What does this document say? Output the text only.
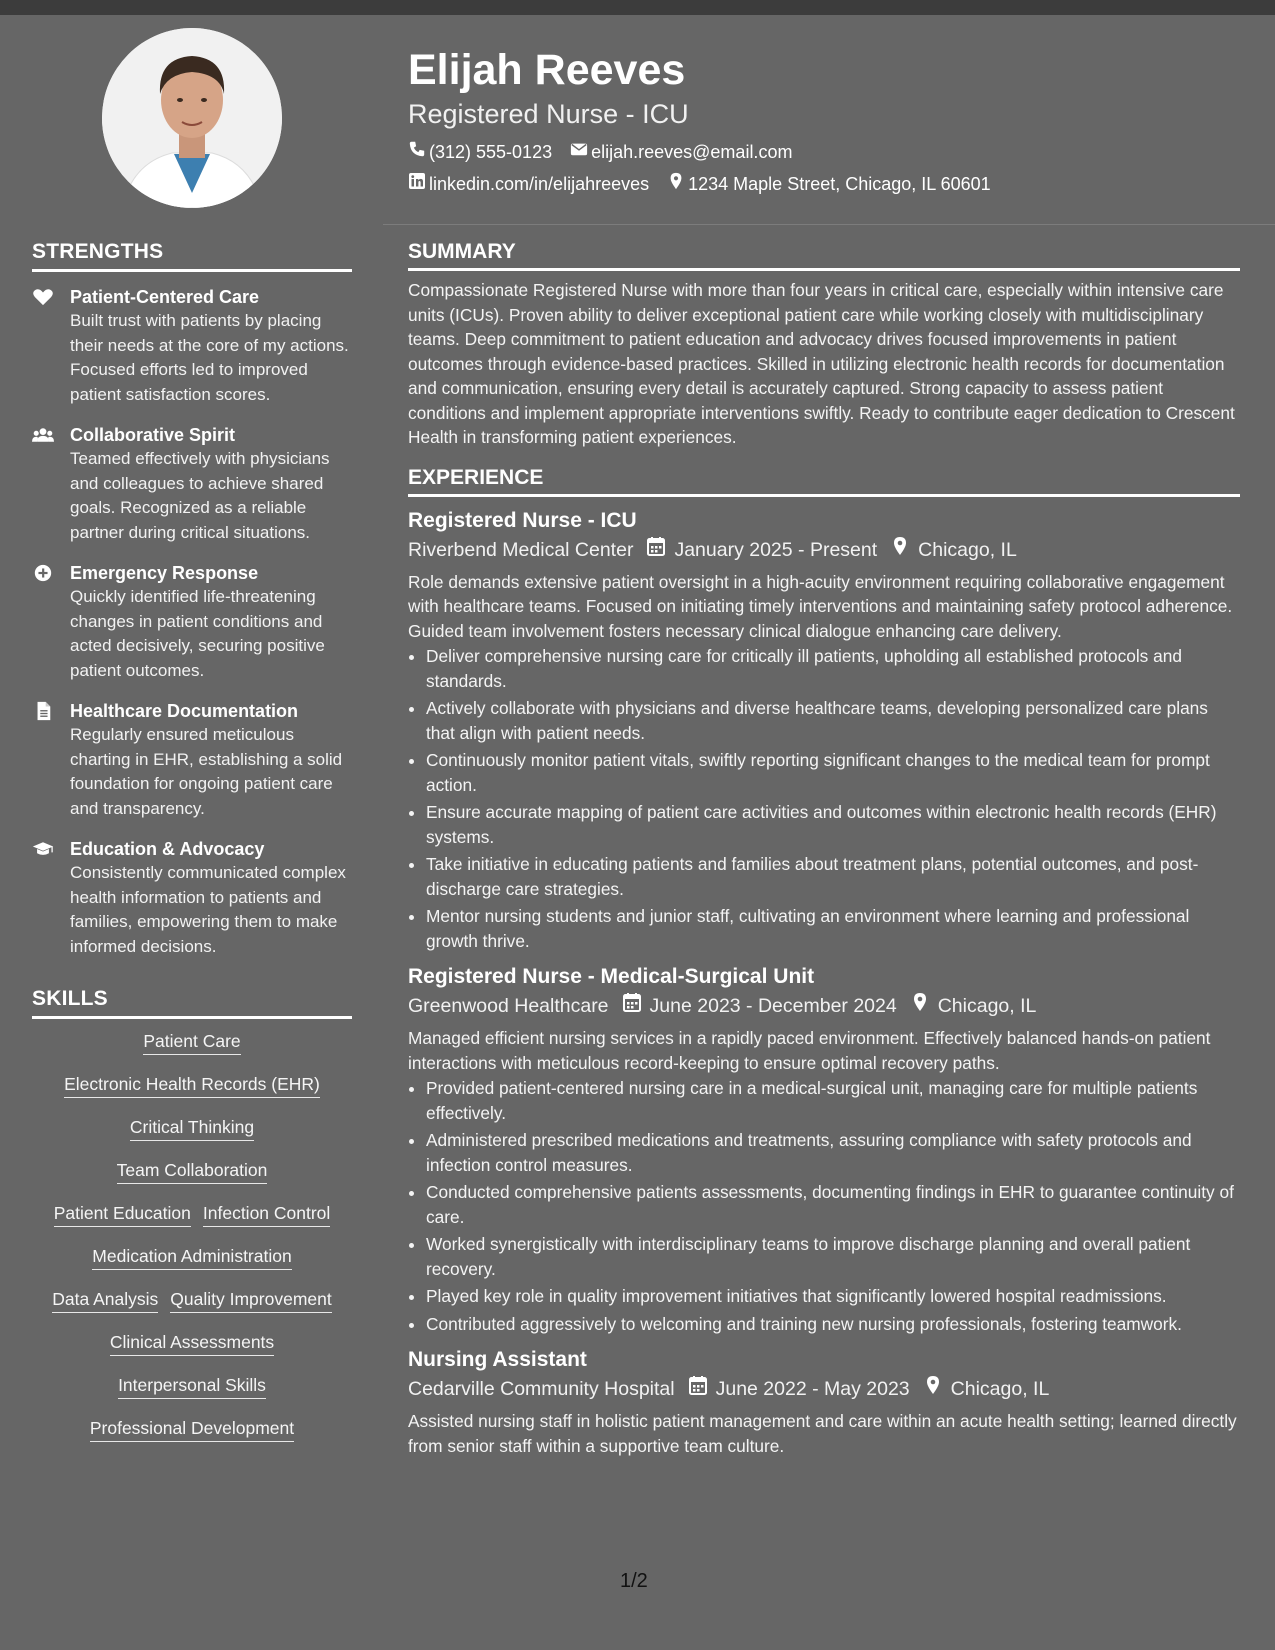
STRENGTHS
Patient-Centered Care
Built trust with patients by placing their needs at the core of my actions. Focused efforts led to improved patient satisfaction scores.
Collaborative Spirit
Teamed effectively with physicians and colleagues to achieve shared goals. Recognized as a reliable partner during critical situations.
Emergency Response
Quickly identified life-threatening changes in patient conditions and acted decisively, securing positive patient outcomes.
Healthcare Documentation
Regularly ensured meticulous charting in EHR, establishing a solid foundation for ongoing patient care and transparency.
Education & Advocacy
Consistently communicated complex health information to patients and families, empowering them to make informed decisions.
SKILLS
Patient Care
Electronic Health Records (EHR)
Critical Thinking
Team Collaboration
Patient Education Infection Control
Medication Administration
Data Analysis Quality Improvement
Clinical Assessments
Interpersonal Skills
Professional Development
Elijah Reeves
Registered Nurse - ICU
(312) 555-0123 elijah.reeves@email.com
linkedin.com/in/elijahreeves 1234 Maple Street, Chicago, IL 60601
SUMMARY

Compassionate Registered Nurse with more than four years in critical care, especially within intensive care units (ICUs). Proven ability to deliver exceptional patient care while working closely with multidisciplinary teams. Deep commitment to patient education and advocacy drives focused improvements in patient outcomes through evidence-based practices. Skilled in utilizing electronic health records for documentation and communication, ensuring every detail is accurately captured. Strong capacity to assess patient conditions and implement appropriate interventions swiftly. Ready to contribute eager dedication to Crescent Health in transforming patient experiences.

EXPERIENCE
Registered Nurse - ICU
Riverbend Medical Center January 2025 - Present Chicago, IL
Role demands extensive patient oversight in a high-acuity environment requiring collaborative engagement with healthcare teams. Focused on initiating timely interventions and maintaining safety protocol adherence. Guided team involvement fosters necessary clinical dialogue enhancing care delivery.
• Deliver comprehensive nursing care for critically ill patients, upholding all established protocols and standards.
• Actively collaborate with physicians and diverse healthcare teams, developing personalized care plans that align with patient needs.
• Continuously monitor patient vitals, swiftly reporting significant changes to the medical team for prompt action.
• Ensure accurate mapping of patient care activities and outcomes within electronic health records (EHR) systems.
• Take initiative in educating patients and families about treatment plans, potential outcomes, and post-discharge care strategies.
• Mentor nursing students and junior staff, cultivating an environment where learning and professional growth thrive.
Registered Nurse - Medical-Surgical Unit
Greenwood Healthcare June 2023 - December 2024 Chicago, IL
Managed efficient nursing services in a rapidly paced environment. Effectively balanced hands-on patient interactions with meticulous record-keeping to ensure optimal recovery paths.
• Provided patient-centered nursing care in a medical-surgical unit, managing care for multiple patients effectively.
• Administered prescribed medications and treatments, assuring compliance with safety protocols and infection control measures.
• Conducted comprehensive patients assessments, documenting findings in EHR to guarantee continuity of care.
• Worked synergistically with interdisciplinary teams to improve discharge planning and overall patient recovery.
• Played key role in quality improvement initiatives that significantly lowered hospital readmissions.
• Contributed aggressively to welcoming and training new nursing professionals, fostering teamwork.
Nursing Assistant
Cedarville Community Hospital June 2022 - May 2023 Chicago, IL
Assisted nursing staff in holistic patient management and care within an acute health setting; learned directly from senior staff within a supportive team culture.
1/2
